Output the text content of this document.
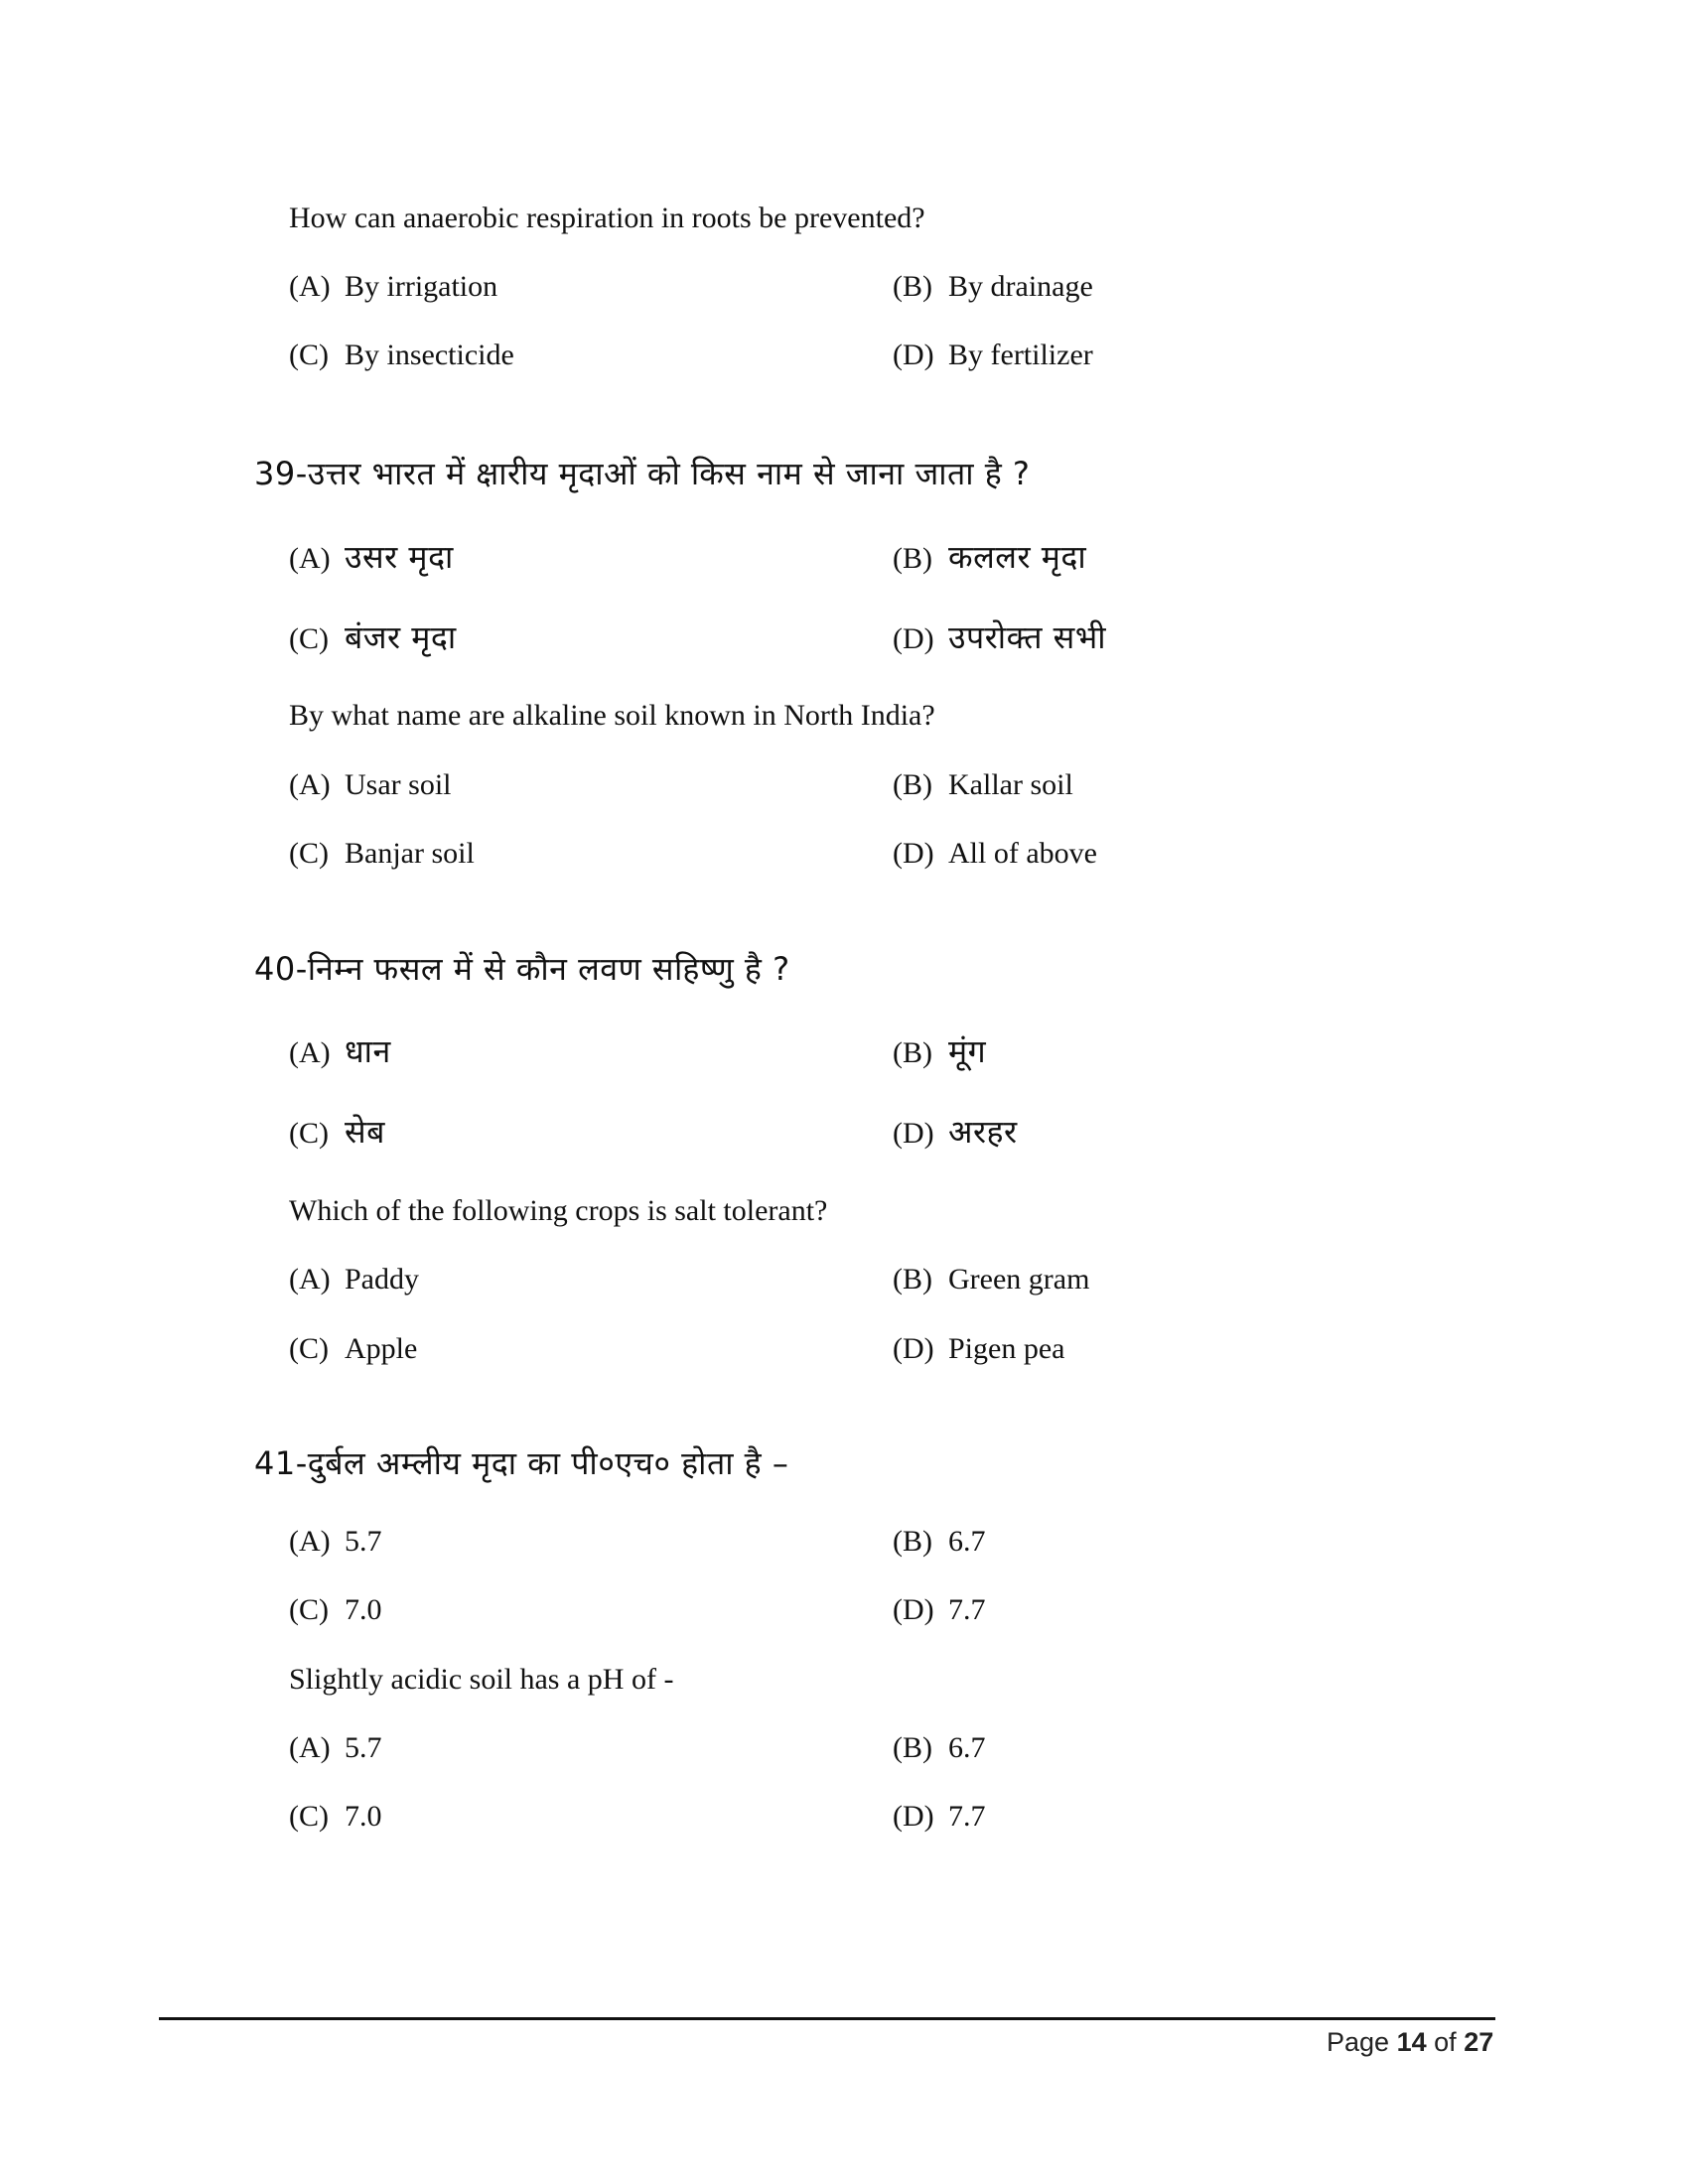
How can anaerobic respiration in roots be prevented?
(A) By irrigation	(B) By drainage
(C) By insecticide	(D) By fertilizer
39-उत्तर भारत में क्षारीय मृदाओं को किस नाम से जाना जाता है ?
(A) उसर मृदा	(B) कललर मृदा
(C) बंजर मृदा	(D) उपरोक्त सभी
By what name are alkaline soil known in North India?
(A) Usar soil	(B) Kallar soil
(C) Banjar soil	(D) All of above
40-निम्न फसल में से कौन लवण सहिष्णु है ?
(A) धान	(B) मूंग
(C) सेब	(D) अरहर
Which of the following crops is salt tolerant?
(A) Paddy	(B) Green gram
(C) Apple	(D) Pigen pea
41-दुर्बल अम्लीय मृदा का पी०एच० होता है –
(A) 5.7	(B) 6.7
(C) 7.0	(D) 7.7
Slightly acidic soil has a pH of -
(A) 5.7	(B) 6.7
(C) 7.0	(D) 7.7
Page 14 of 27
